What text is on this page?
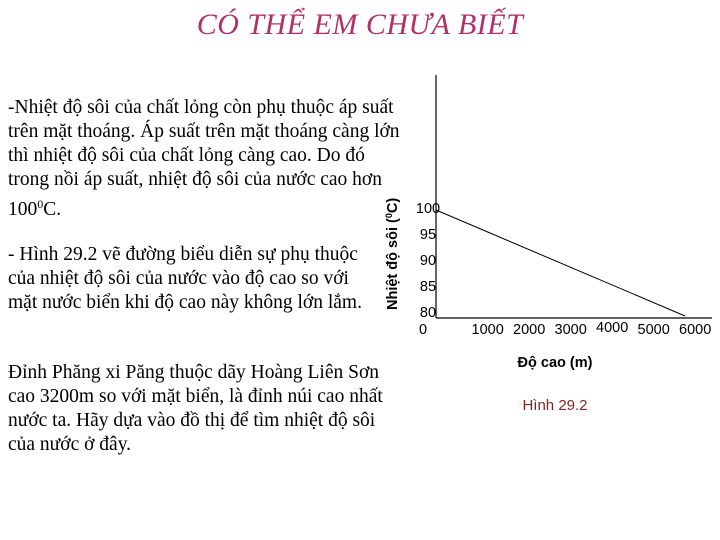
CÓ THỂ EM CHƯA BIẾT
-Nhiệt độ sôi của chất lỏng còn phụ thuộc áp suất trên mặt thoáng. Áp suất trên mặt thoáng càng lớn thì nhiệt độ sôi của chất lỏng càng cao. Do đó trong nồi áp suất, nhiệt độ sôi của nước cao hơn $100^0C$.
- Hình 29.2 vẽ đường biểu diễn sự phụ thuộc của nhiệt độ sôi của nước vào độ cao so với mặt nước biển khi độ cao này không lớn lắm.
Đỉnh Phăng xi Păng thuộc dãy Hoàng Liên Sơn cao 3200m so với mặt biển, là đỉnh núi cao nhất nước ta. Hãy dựa vào đồ thị để tìm nhiệt độ sôi của nước ở đây.
Nhiệt độ sôi ($^0$C)	100
95
90
85
80
0	1000 2000 3000 4000 5000 6000
Độ cao (m)
Hình 29.2
